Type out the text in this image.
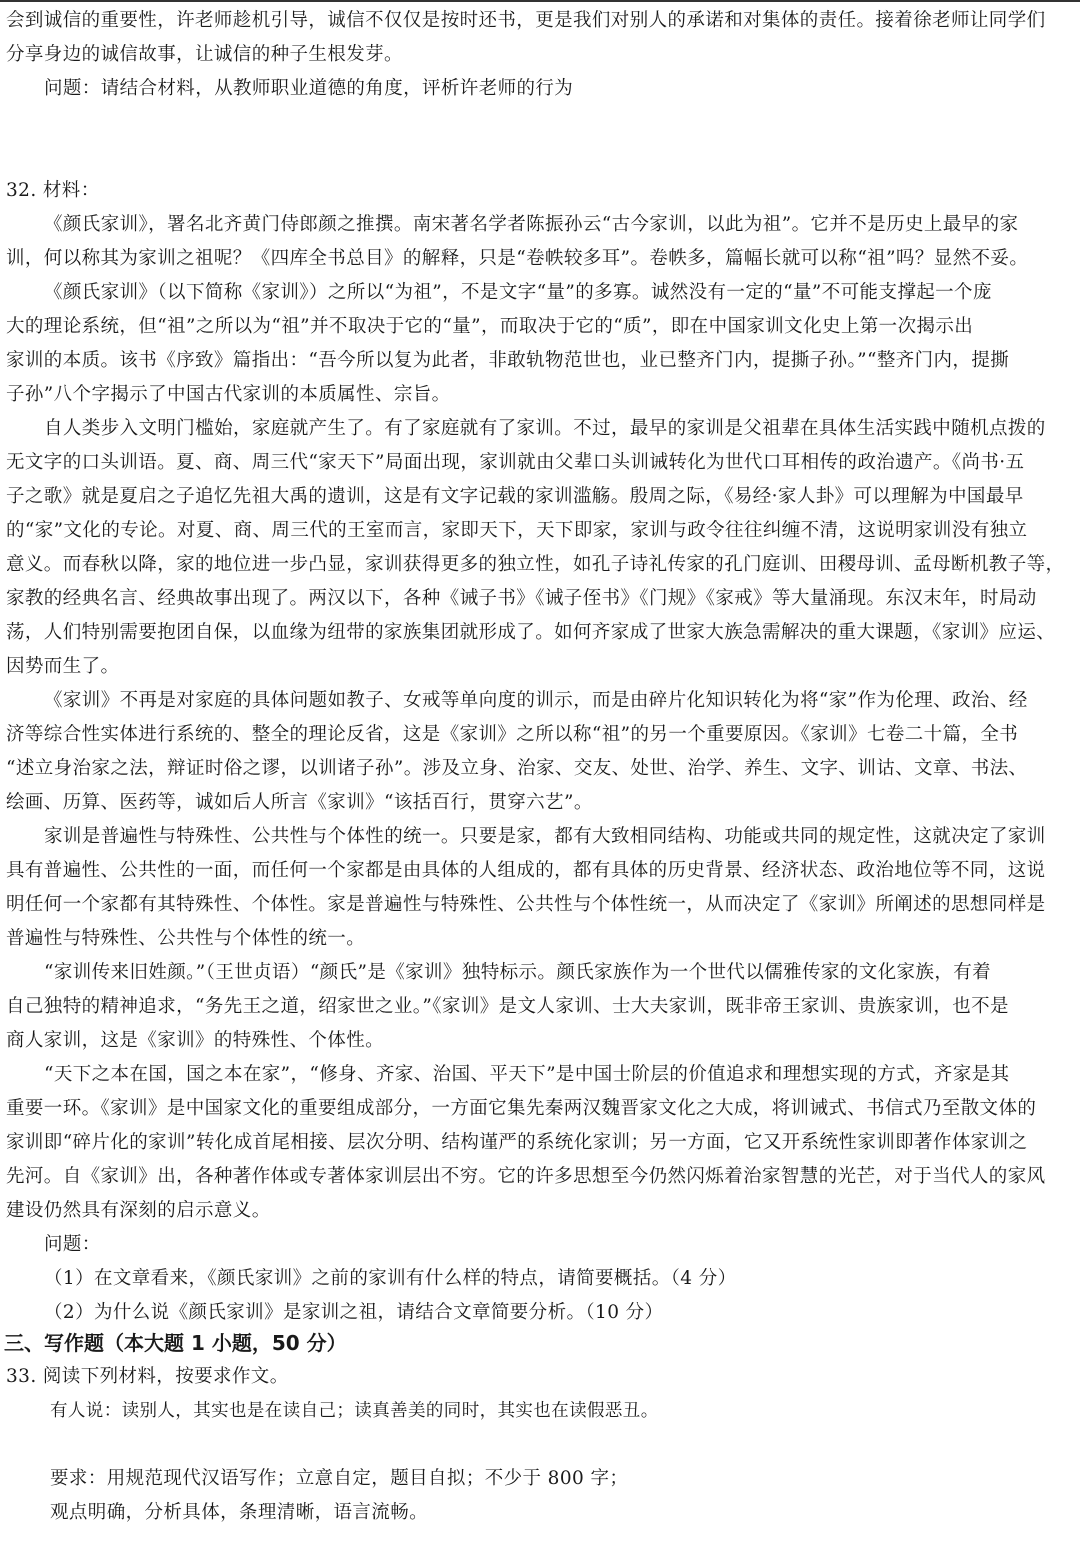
会到诚信的重要性，许老师趁机引导，诚信不仅仅是按时还书，更是我们对别人的承诺和对集体的责任。接着徐老师让同学们
分享身边的诚信故事，让诚信的种子生根发芽。
问题：请结合材料，从教师职业道德的角度，评析许老师的行为
32. 材料：
《颜氏家训》，署名北齐黄门侍郎颜之推撰。南宋著名学者陈振孙云“古今家训，以此为祖”。它并不是历史上最早的家
训，何以称其为家训之祖呢？《四库全书总目》的解释，只是“卷帙较多耳”。卷帙多，篇幅长就可以称“祖”吗？显然不妥。
《颜氏家训》（以下简称《家训》）之所以“为祖”，不是文字“量”的多寡。诚然没有一定的“量”不可能支撑起一个庞
大的理论系统，但“祖”之所以为“祖”并不取决于它的“量”，而取决于它的“质”，即在中国家训文化史上第一次揭示出
家训的本质。该书《序致》篇指出：“吾今所以复为此者，非敢轨物范世也，业已整齐门内，提撕子孙。”“整齐门内，提撕
子孙”八个字揭示了中国古代家训的本质属性、宗旨。
自人类步入文明门槛始，家庭就产生了。有了家庭就有了家训。不过，最早的家训是父祖辈在具体生活实践中随机点拨的
无文字的口头训语。夏、商、周三代“家天下”局面出现，家训就由父辈口头训诫转化为世代口耳相传的政治遗产。《尚书·五
子之歌》就是夏启之子追忆先祖大禹的遗训，这是有文字记载的家训滥觞。殷周之际，《易经·家人卦》可以理解为中国最早
的“家”文化的专论。对夏、商、周三代的王室而言，家即天下，天下即家，家训与政令往往纠缠不清，这说明家训没有独立
意义。而春秋以降，家的地位进一步凸显，家训获得更多的独立性，如孔子诗礼传家的孔门庭训、田稷母训、孟母断机教子等，
家教的经典名言、经典故事出现了。两汉以下，各种《诫子书》《诫子侄书》《门规》《家戒》等大量涌现。东汉末年，时局动
荡，人们特别需要抱团自保，以血缘为纽带的家族集团就形成了。如何齐家成了世家大族急需解决的重大课题，《家训》应运、
因势而生了。
《家训》不再是对家庭的具体问题如教子、女戒等单向度的训示，而是由碎片化知识转化为将“家”作为伦理、政治、经
济等综合性实体进行系统的、整全的理论反省，这是《家训》之所以称“祖”的另一个重要原因。《家训》七卷二十篇，全书
“述立身治家之法，辩证时俗之谬，以训诸子孙”。涉及立身、治家、交友、处世、治学、养生、文字、训诂、文章、书法、
绘画、历算、医药等，诚如后人所言《家训》“该括百行，贯穿六艺”。
家训是普遍性与特殊性、公共性与个体性的统一。只要是家，都有大致相同结构、功能或共同的规定性，这就决定了家训
具有普遍性、公共性的一面，而任何一个家都是由具体的人组成的，都有具体的历史背景、经济状态、政治地位等不同，这说
明任何一个家都有其特殊性、个体性。家是普遍性与特殊性、公共性与个体性统一，从而决定了《家训》所阐述的思想同样是
普遍性与特殊性、公共性与个体性的统一。
“家训传来旧姓颜。”（王世贞语）“颜氏”是《家训》独特标示。颜氏家族作为一个世代以儒雅传家的文化家族，有着
自己独特的精神追求，“务先王之道，绍家世之业。”《家训》是文人家训、士大夫家训，既非帝王家训、贵族家训，也不是
商人家训，这是《家训》的特殊性、个体性。
“天下之本在国，国之本在家”，“修身、齐家、治国、平天下”是中国士阶层的价值追求和理想实现的方式，齐家是其
重要一环。《家训》是中国家文化的重要组成部分，一方面它集先秦两汉魏晋家文化之大成，将训诫式、书信式乃至散文体的
家训即“碎片化的家训”转化成首尾相接、层次分明、结构谨严的系统化家训；另一方面，它又开系统性家训即著作体家训之
先河。自《家训》出，各种著作体或专著体家训层出不穷。它的许多思想至今仍然闪烁着治家智慧的光芒，对于当代人的家风
建设仍然具有深刻的启示意义。
问题：
（1）在文章看来，《颜氏家训》之前的家训有什么样的特点，请简要概括。（4 分）
（2）为什么说《颜氏家训》是家训之祖，请结合文章简要分析。（10 分）
三、写作题（本大题 1 小题，50 分）
33. 阅读下列材料，按要求作文。
有人说：读别人，其实也是在读自己；读真善美的同时，其实也在读假恶丑。
要求：用规范现代汉语写作；立意自定，题目自拟；不少于 800 字；
观点明确，分析具体，条理清晰，语言流畅。
